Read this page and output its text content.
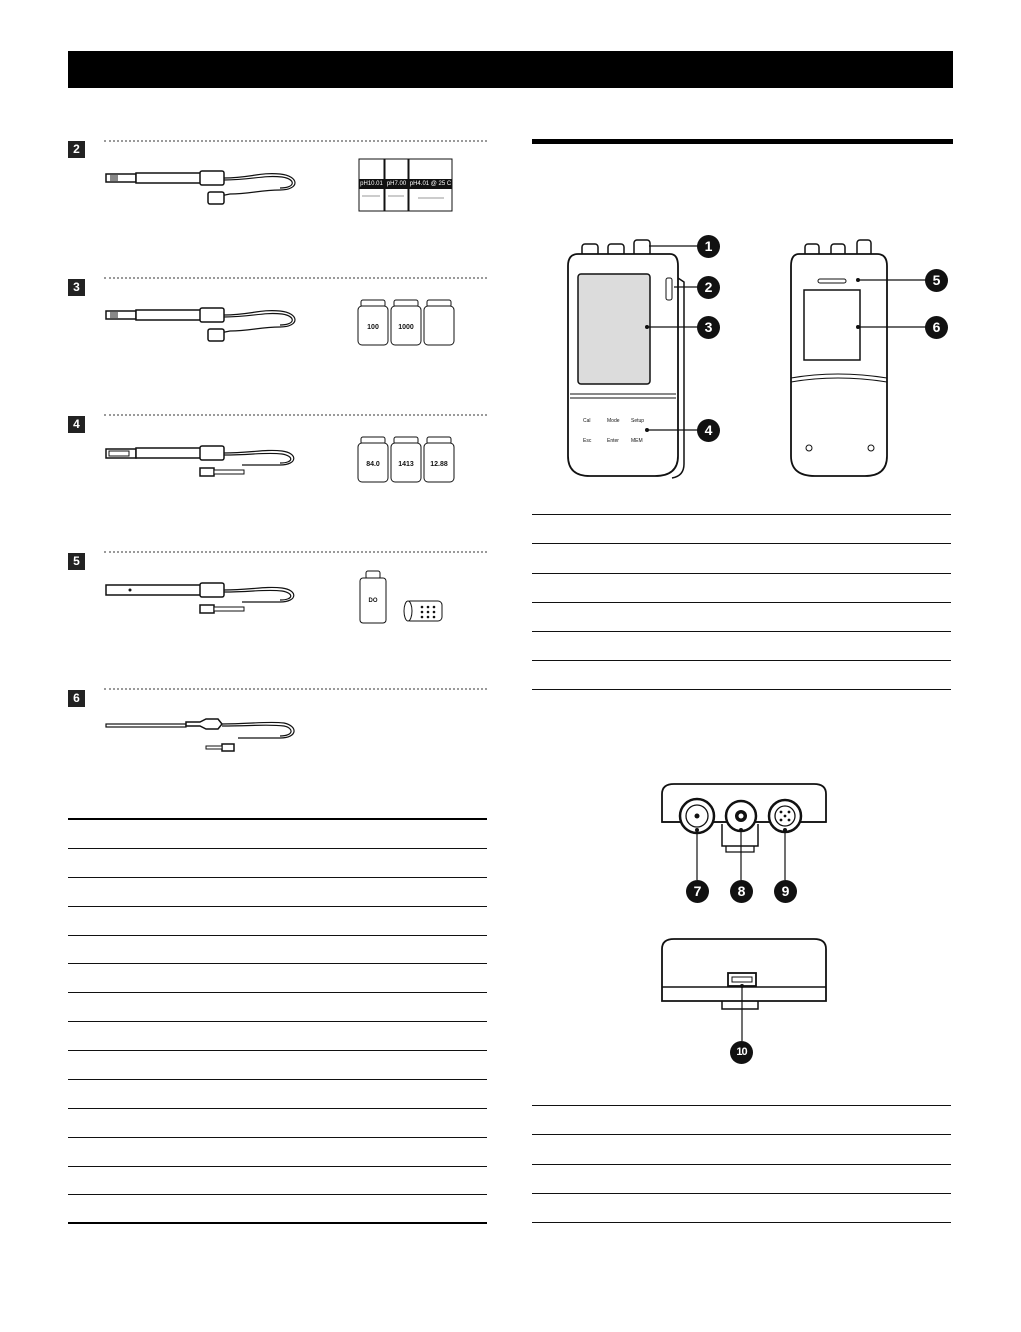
2
pH10.01 pH7.00 pH4.01 @ 25 C
3
100	1000
4
84.0	1413	12.88
5
DO
6
Cal	Mode Setup
Esc	Enter MEM
1
2
3
4
5
6
7	8	9
10
